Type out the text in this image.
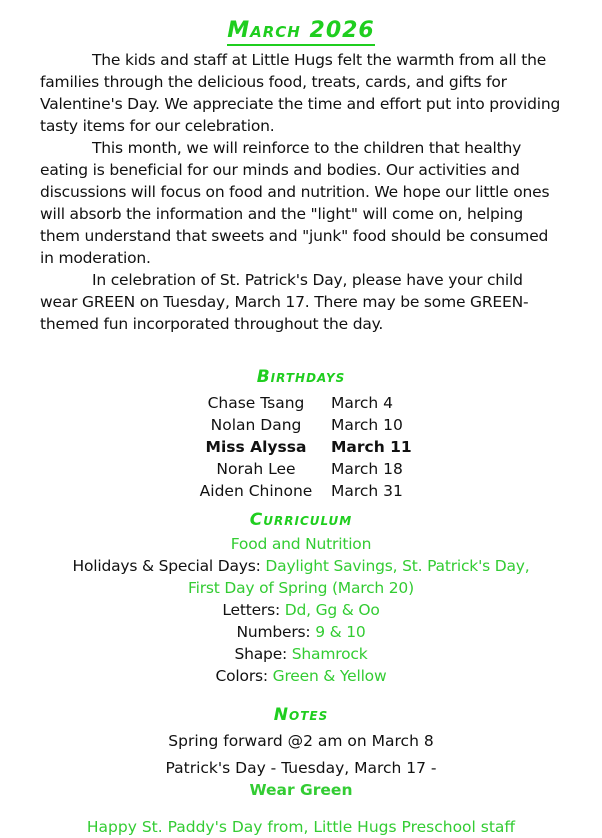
March 2026

The kids and staff at Little Hugs felt the warmth from all the families through the delicious food, treats, cards, and gifts for Valentine's Day. We appreciate the time and effort put into providing tasty items for our celebration.

This month, we will reinforce to the children that healthy eating is beneficial for our minds and bodies. Our activities and discussions will focus on food and nutrition. We hope our little ones will absorb the information and the "light" will come on, helping them understand that sweets and "junk" food should be consumed in moderation.

In celebration of St. Patrick's Day, please have your child wear GREEN on Tuesday, March 17. There may be some GREEN-themed fun incorporated throughout the day.

Birthdays
Chase Tsang	March 4
Nolan Dang	March 10
Miss Alyssa	March 11
Norah Lee	March 18
Aiden Chinone	March 31
Curriculum
Food and Nutrition
Holidays & Special Days: Daylight Savings, St. Patrick's Day,
First Day of Spring (March 20)
Letters: Dd, Gg & Oo
Numbers: 9 & 10
Shape: Shamrock
Colors: Green & Yellow
Notes
Spring forward @2 am on March 8
Patrick's Day - Tuesday, March 17 -
Wear Green
Happy St. Paddy's Day from, Little Hugs Preschool staff
